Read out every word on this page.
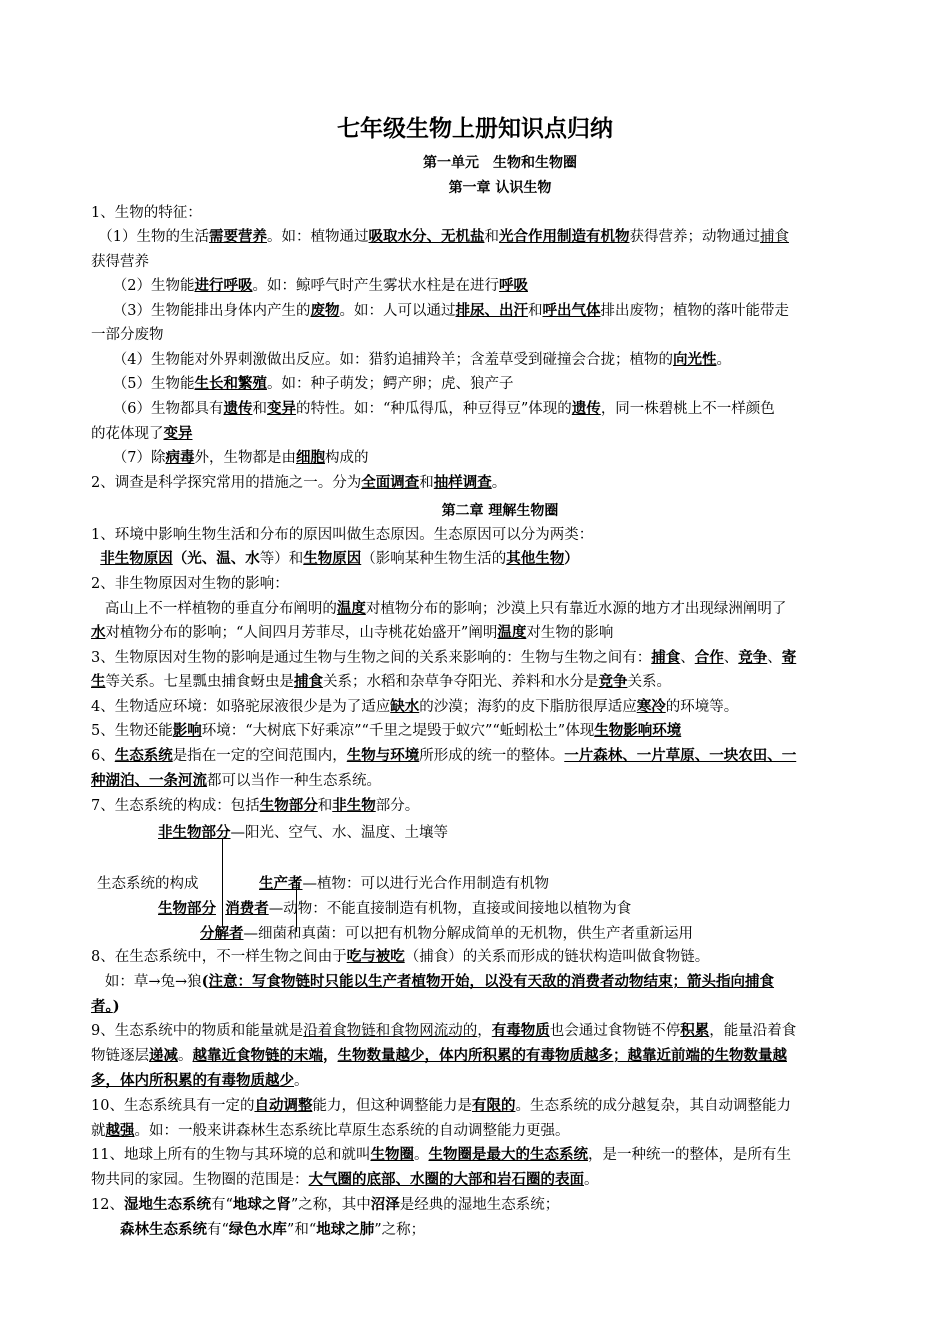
七年级生物上册知识点归纳
第一单元　生物和生物圈
第一章 认识生物
1、生物的特征：
　（1）生物的生活需要营养。如：植物通过吸取水分、无机盐和光合作用制造有机物获得营养；动物通过捕食
获得营养
　　（2）生物能进行呼吸。如：鲸呼气时产生雾状水柱是在进行呼吸
　　（3）生物能排出身体内产生的废物。如：人可以通过排尿、出汗和呼出气体排出废物；植物的落叶能带走
一部分废物
　　（4）生物能对外界刺激做出反应。如：猎豹追捕羚羊；含羞草受到碰撞会合拢；植物的向光性。
　　（5）生物能生长和繁殖。如：种子萌发；鳄产卵；虎、狼产子
　　（6）生物都具有遗传和变异的特性。如：“种瓜得瓜，种豆得豆”体现的遗传，同一株碧桃上不一样颜色
的花体现了变异
　　（7）除病毒外，生物都是由细胞构成的
2、调查是科学探究常用的措施之一。分为全面调查和抽样调查。
第二章 理解生物圈
1、环境中影响生物生活和分布的原因叫做生态原因。生态原因可以分为两类：
非生物原因（光、温、水等）和生物原因（影响某种生物生活的其他生物）
2、非生物原因对生物的影响：
高山上不一样植物的垂直分布阐明的温度对植物分布的影响；沙漠上只有靠近水源的地方才出现绿洲阐明了
水对植物分布的影响；“人间四月芳菲尽，山寺桃花始盛开”阐明温度对生物的影响
3、生物原因对生物的影响是通过生物与生物之间的关系来影响的：生物与生物之间有：捕食、合作、竞争、寄
生等关系。七星瓢虫捕食蚜虫是捕食关系；水稻和杂草争夺阳光、养料和水分是竞争关系。
4、生物适应环境：如骆驼尿液很少是为了适应缺水的沙漠；海豹的皮下脂肪很厚适应寒冷的环境等。
5、生物还能影响环境：“大树底下好乘凉”“千里之堤毁于蚁穴”“蚯蚓松土”体现生物影响环境
6、生态系统是指在一定的空间范围内，生物与环境所形成的统一的整体。一片森林、一片草原、一块农田、一
种湖泊、一条河流都可以当作一种生态系统。
7、生态系统的构成：包括生物部分和非生物部分。
非生物部分—阳光、空气、水、温度、土壤等
生态系统的构成	生产者—植物：可以进行光合作用制造有机物
生物部分 消费者—动物：不能直接制造有机物，直接或间接地以植物为食
分解者—细菌和真菌：可以把有机物分解成简单的无机物，供生产者重新运用
8、在生态系统中，不一样生物之间由于吃与被吃（捕食）的关系而形成的链状构造叫做食物链。
如：草→兔→狼(注意：写食物链时只能以生产者植物开始，以没有天敌的消费者动物结束；箭头指向捕食
者。)
9、生态系统中的物质和能量就是沿着食物链和食物网流动的，有毒物质也会通过食物链不停积累，能量沿着食
物链逐层递减。越靠近食物链的末端，生物数量越少，体内所积累的有毒物质越多；越靠近前端的生物数量越
多，体内所积累的有毒物质越少。
10、生态系统具有一定的自动调整能力，但这种调整能力是有限的。生态系统的成分越复杂，其自动调整能力
就越强。如：一般来讲森林生态系统比草原生态系统的自动调整能力更强。
11、地球上所有的生物与其环境的总和就叫生物圈。生物圈是最大的生态系统，是一种统一的整体，是所有生
物共同的家园。生物圈的范围是：大气圈的底部、水圈的大部和岩石圈的表面。
12、湿地生态系统有“地球之肾”之称，其中沼泽是经典的湿地生态系统；
　　森林生态系统有“绿色水库”和“地球之肺”之称；
